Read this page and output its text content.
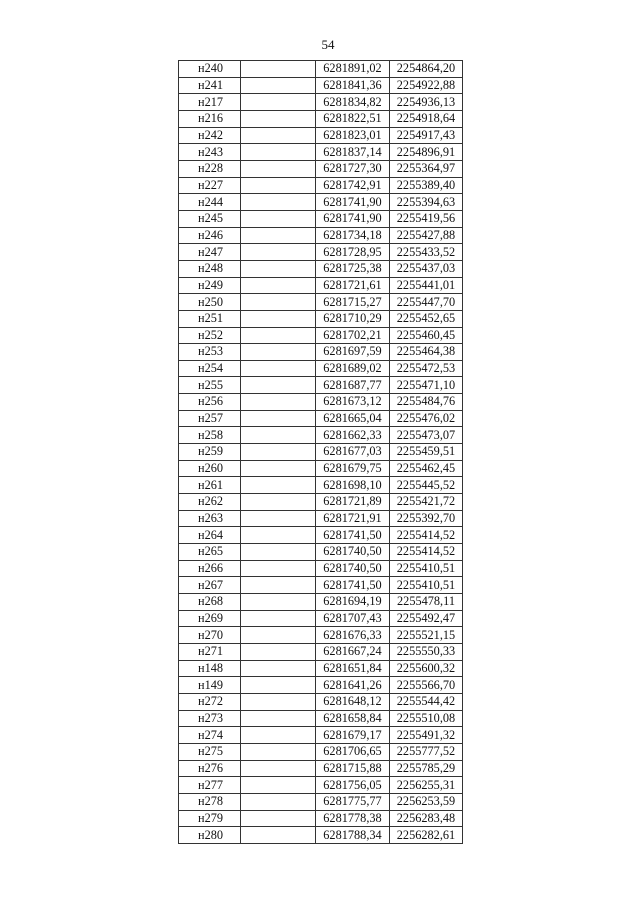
54
н240		6281891,02	2254864,20
н241		6281841,36	2254922,88
н217		6281834,82	2254936,13
н216		6281822,51	2254918,64
н242		6281823,01	2254917,43
н243		6281837,14	2254896,91
н228		6281727,30	2255364,97
н227		6281742,91	2255389,40
н244		6281741,90	2255394,63
н245		6281741,90	2255419,56
н246		6281734,18	2255427,88
н247		6281728,95	2255433,52
н248		6281725,38	2255437,03
н249		6281721,61	2255441,01
н250		6281715,27	2255447,70
н251		6281710,29	2255452,65
н252		6281702,21	2255460,45
н253		6281697,59	2255464,38
н254		6281689,02	2255472,53
н255		6281687,77	2255471,10
н256		6281673,12	2255484,76
н257		6281665,04	2255476,02
н258		6281662,33	2255473,07
н259		6281677,03	2255459,51
н260		6281679,75	2255462,45
н261		6281698,10	2255445,52
н262		6281721,89	2255421,72
н263		6281721,91	2255392,70
н264		6281741,50	2255414,52
н265		6281740,50	2255414,52
н266		6281740,50	2255410,51
н267		6281741,50	2255410,51
н268		6281694,19	2255478,11
н269		6281707,43	2255492,47
н270		6281676,33	2255521,15
н271		6281667,24	2255550,33
н148		6281651,84	2255600,32
н149		6281641,26	2255566,70
н272		6281648,12	2255544,42
н273		6281658,84	2255510,08
н274		6281679,17	2255491,32
н275		6281706,65	2255777,52
н276		6281715,88	2255785,29
н277		6281756,05	2256255,31
н278		6281775,77	2256253,59
н279		6281778,38	2256283,48
н280		6281788,34	2256282,61
